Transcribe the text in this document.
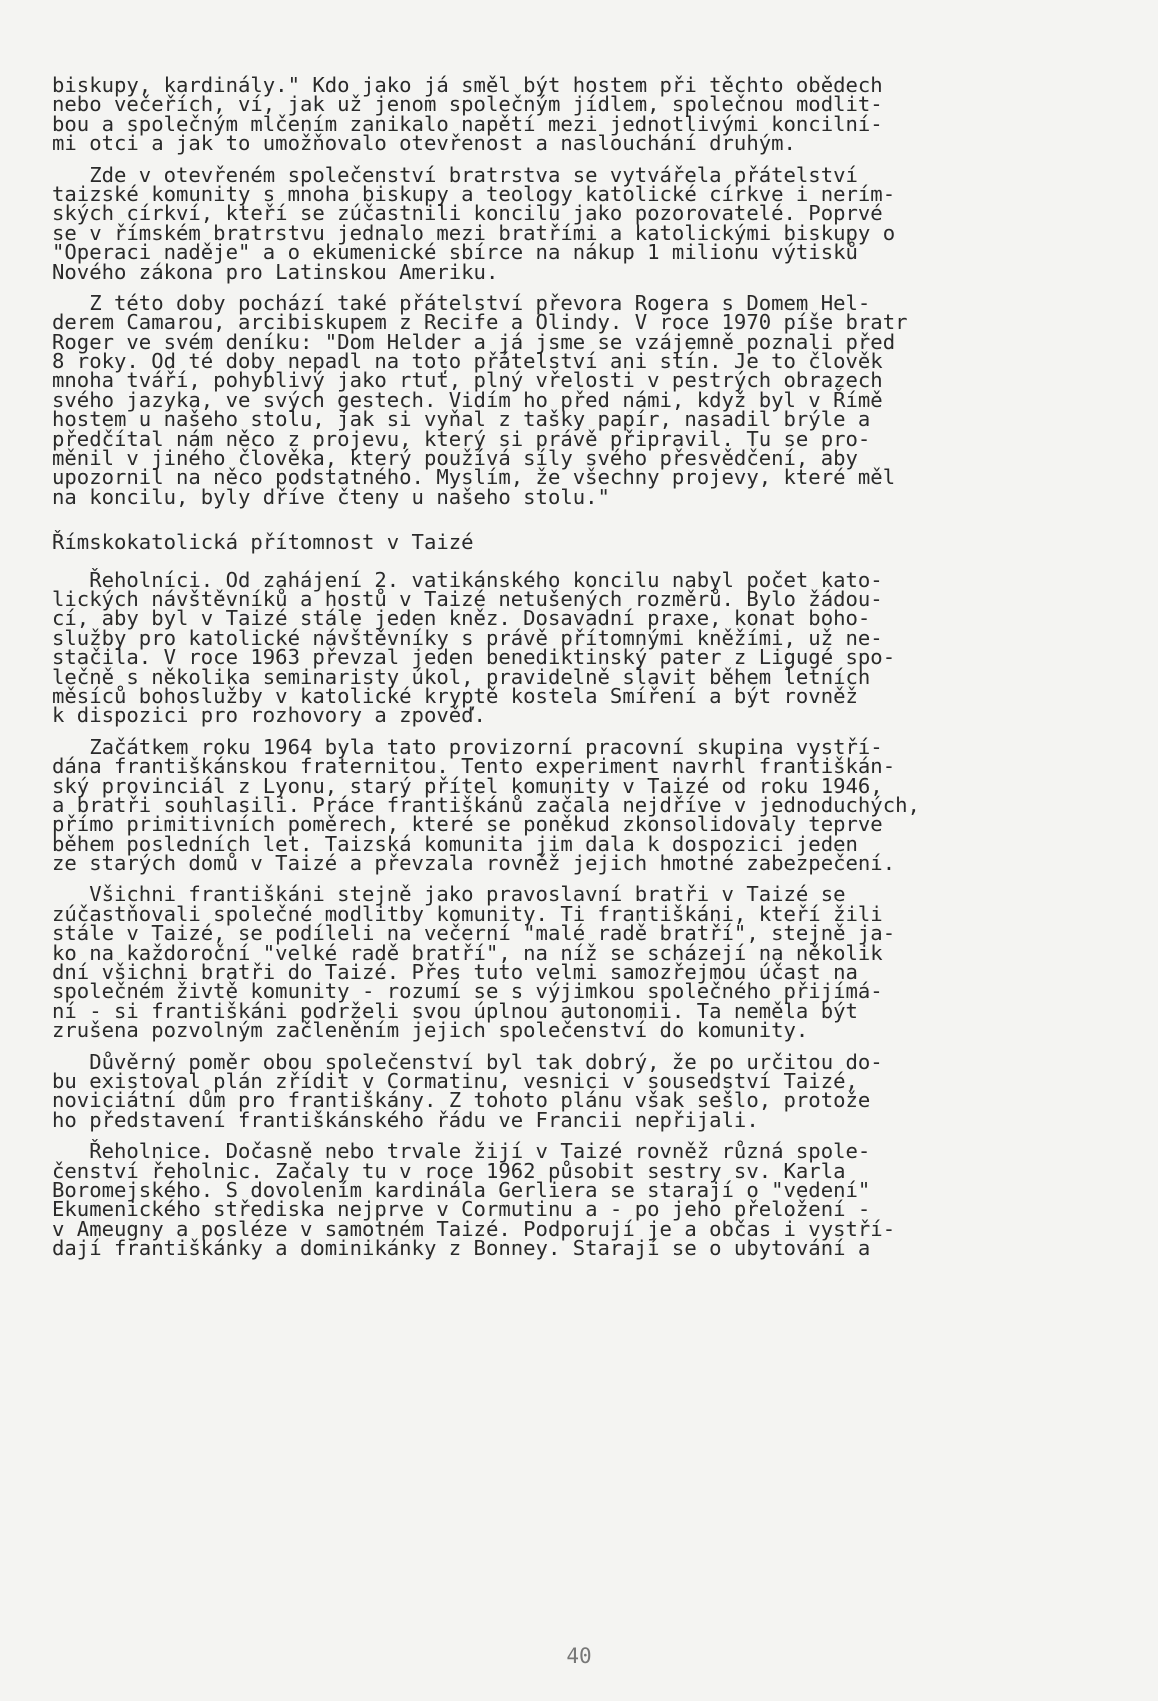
biskupy, kardinály." Kdo jako já směl být hostem při těchto obědech
nebo večeřích, ví, jak už jenom společným jídlem, společnou modlit-
bou a společným mlčením zanikalo napětí mezi jednotlivými koncilní-
mi otci a jak to umožňovalo otevřenost a naslouchání druhým.
Zde v otevřeném společenství bratrstva se vytvářela přátelství
taizské komunity s mnoha biskupy a teology katolické církve i nerím-
ských církví, kteří se zúčastnili koncilu jako pozorovatelé. Poprvé
se v římském bratrstvu jednalo mezi bratřími a katolickými biskupy o
"Operaci naděje" a o ekumenické sbírce na nákup 1 milionu výtisků
Nového zákona pro Latinskou Ameriku.
Z této doby pochází také přátelství převora Rogera s Domem Hel-
derem Camarou, arcibiskupem z Recife a Olindy. V roce 1970 píše bratr
Roger ve svém deníku: "Dom Helder a já jsme se vzájemně poznali před
8 roky. Od té doby nepadl na toto přátelství ani stín. Je to člověk
mnoha tváří, pohyblivý jako rtuť, plný vřelosti v pestrých obrazech
svého jazyka, ve svých gestech. Vidím ho před námi, když byl v Římě
hostem u našeho stolu, jak si vyňal z tašky papír, nasadil brýle a
předčítal nám něco z projevu, který si právě připravil. Tu se pro-
měnil v jiného člověka, který používá síly svého přesvědčení, aby
upozornil na něco podstatného. Myslím, že všechny projevy, které měl
na koncilu, byly dříve čteny u našeho stolu."
Římskokatolická přítomnost v Taizé
Řeholníci. Od zahájení 2. vatikánského koncilu nabyl počet kato-
lických návštěvníků a hostů v Taizé netušených rozměrů. Bylo žádou-
cí, aby byl v Taizé stále jeden kněz. Dosavadní praxe, konat boho-
služby pro katolické návštěvníky s právě přítomnými kněžími, už ne-
stačila. V roce 1963 převzal jeden benediktinský pater z Ligugé spo-
lečně s několika seminaristy úkol, pravidelně slavit během letních
měsíců bohoslužby v katolické kryptě kostela Smíření a být rovněž
k dispozici pro rozhovory a zpověď.
Začátkem roku 1964 byla tato provizorní pracovní skupina vystří-
dána františkánskou fraternitou. Tento experiment navrhl františkán-
ský provinciál z Lyonu, starý přítel komunity v Taizé od roku 1946,
a bratři souhlasili. Práce františkánů začala nejdříve v jednoduchých,
přímo primitivních poměrech, které se poněkud zkonsolidovaly teprve
během posledních let. Taizská komunita jim dala k dospozici jeden
ze starých domů v Taizé a převzala rovněž jejich hmotné zabezpečení.
Všichni františkáni stejně jako pravoslavní bratři v Taizé se
zúčastňovali společné modlitby komunity. Ti františkáni, kteří žili
stále v Taizé, se podíleli na večerní "malé radě bratří", stejně ja-
ko na každoroční "velké radě bratří", na níž se scházejí na několik
dní všichni bratři do Taizé. Přes tuto velmi samozřejmou účast na
společném živtě komunity - rozumí se s výjimkou společného přijímá-
ní - si františkáni podrželi svou úplnou autonomii. Ta neměla být
zrušena pozvolným začleněním jejich společenství do komunity.
Důvěrný poměr obou společenství byl tak dobrý, že po určitou do-
bu existoval plán zřídit v Cormatinu, vesnici v sousedství Taizé,
noviciátní dům pro františkány. Z tohoto plánu však sešlo, protože
ho představení františkánského řádu ve Francii nepřijali.
Řeholnice. Dočasně nebo trvale žijí v Taizé rovněž různá spole-
čenství řeholnic. Začaly tu v roce 1962 působit sestry sv. Karla
Boromejského. S dovolením kardinála Gerliera se starají o "vedení"
Ekumenického střediska nejprve v Cormutinu a - po jeho přeložení -
v Ameugny a posléze v samotném Taizé. Podporují je a občas i vystří-
dají františkánky a dominikánky z Bonney. Starají se o ubytování a
40
